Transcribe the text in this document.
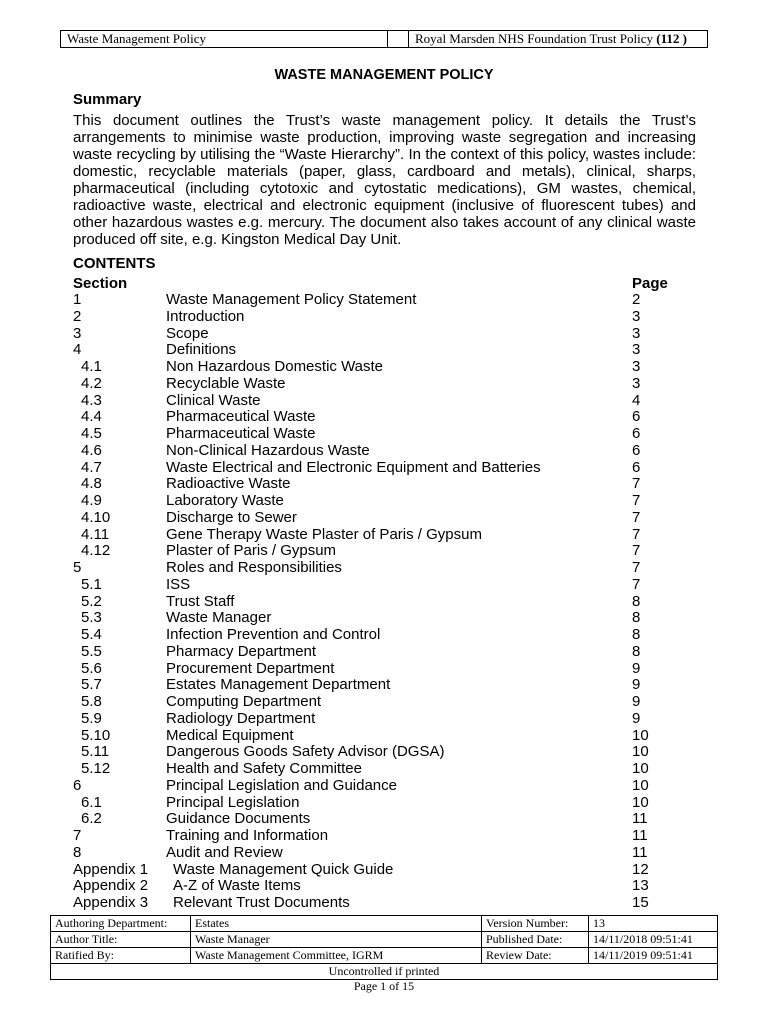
Waste Management Policy	Royal Marsden NHS Foundation Trust Policy (112 )
WASTE MANAGEMENT POLICY
Summary

This document outlines the Trust’s waste management policy. It details the Trust’s arrangements to minimise waste production, improving waste segregation and increasing waste recycling by utilising the “Waste Hierarchy”. In the context of this policy, wastes include: domestic, recyclable materials (paper, glass, cardboard and metals), clinical, sharps, pharmaceutical (including cytotoxic and cytostatic medications), GM wastes, chemical, radioactive waste, electrical and electronic equipment (inclusive of fluorescent tubes) and other hazardous wastes e.g. mercury. The document also takes account of any clinical waste produced off site, e.g. Kingston Medical Day Unit.

CONTENTS
Section	Page
1	Waste Management Policy Statement	2
2	Introduction	3
3	Scope	3
4	Definitions	3
4.1	Non Hazardous Domestic Waste	3
4.2	Recyclable Waste	3
4.3	Clinical Waste	4
4.4	Pharmaceutical Waste	6
4.5	Pharmaceutical Waste	6
4.6	Non-Clinical Hazardous Waste	6
4.7	Waste Electrical and Electronic Equipment and Batteries	6
4.8	Radioactive Waste	7
4.9	Laboratory Waste	7
4.10	Discharge to Sewer	7
4.11	Gene Therapy Waste Plaster of Paris / Gypsum	7
4.12	Plaster of Paris / Gypsum	7
5	Roles and Responsibilities	7
5.1	ISS	7
5.2	Trust Staff	8
5.3	Waste Manager	8
5.4	Infection Prevention and Control	8
5.5	Pharmacy Department	8
5.6	Procurement Department	9
5.7	Estates Management Department	9
5.8	Computing Department	9
5.9	Radiology Department	9
5.10	Medical Equipment	10
5.11	Dangerous Goods Safety Advisor (DGSA)	10
5.12	Health and Safety Committee	10
6	Principal Legislation and Guidance	10
6.1	Principal Legislation	10
6.2	Guidance Documents	11
7	Training and Information	11
8	Audit and Review	11
Appendix 1 Waste Management Quick Guide	12
Appendix 2 A-Z of Waste Items	13
Appendix 3 Relevant Trust Documents	15
Authoring Department:	Estates	Version Number:	13
Author Title:	Waste Manager	Published Date:	14/11/2018 09:51:41
Ratified By:	Waste Management Committee, IGRM	Review Date:	14/11/2019 09:51:41
Uncontrolled if printed			
Page 1 of 15
